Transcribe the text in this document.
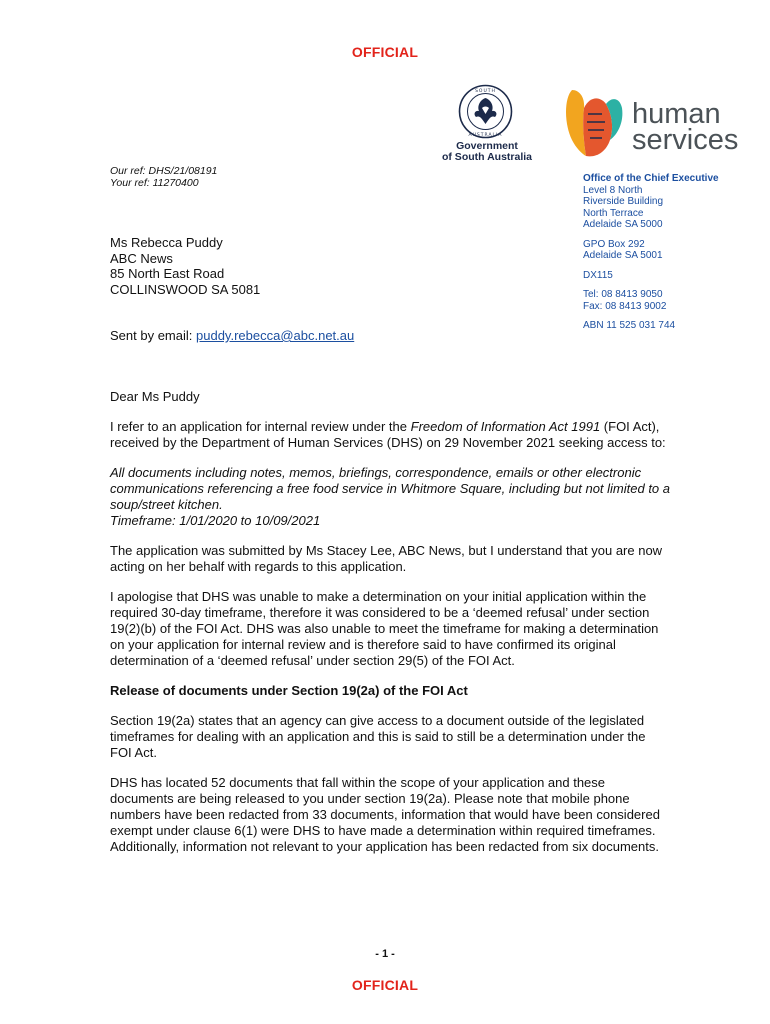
OFFICIAL
SOUTH
AUSTRALIA
Government
of South Australia
human
services
Our ref: DHS/21/08191
Your ref: 11270400	Office of the Chief Executive
Level 8 North
Riverside Building
North Terrace
Adelaide SA 5000
GPO Box 292
Adelaide SA 5001
DX115
Tel: 08 8413 9050
Fax: 08 8413 9002
ABN 11 525 031 744
Ms Rebecca Puddy
ABC News
85 North East Road
COLLINSWOOD SA 5081
Sent by email: puddy.rebecca@abc.net.au

Dear Ms Puddy

I refer to an application for internal review under the Freedom of Information Act 1991 (FOI Act), received by the Department of Human Services (DHS) on 29 November 2021 seeking access to:

All documents including notes, memos, briefings, correspondence, emails or other electronic communications referencing a free food service in Whitmore Square, including but not limited to a soup/street kitchen.
Timeframe: 1/01/2020 to 10/09/2021

The application was submitted by Ms Stacey Lee, ABC News, but I understand that you are now acting on her behalf with regards to this application.

I apologise that DHS was unable to make a determination on your initial application within the required 30-day timeframe, therefore it was considered to be a ‘deemed refusal’ under section 19(2)(b) of the FOI Act. DHS was also unable to meet the timeframe for making a determination on your application for internal review and is therefore said to have confirmed its original determination of a ‘deemed refusal’ under section 29(5) of the FOI Act.

Release of documents under Section 19(2a) of the FOI Act

Section 19(2a) states that an agency can give access to a document outside of the legislated timeframes for dealing with an application and this is said to still be a determination under the FOI Act.

DHS has located 52 documents that fall within the scope of your application and these documents are being released to you under section 19(2a). Please note that mobile phone numbers have been redacted from 33 documents, information that would have been considered exempt under clause 6(1) were DHS to have made a determination within required timeframes. Additionally, information not relevant to your application has been redacted from six documents.

- 1 -
OFFICIAL
